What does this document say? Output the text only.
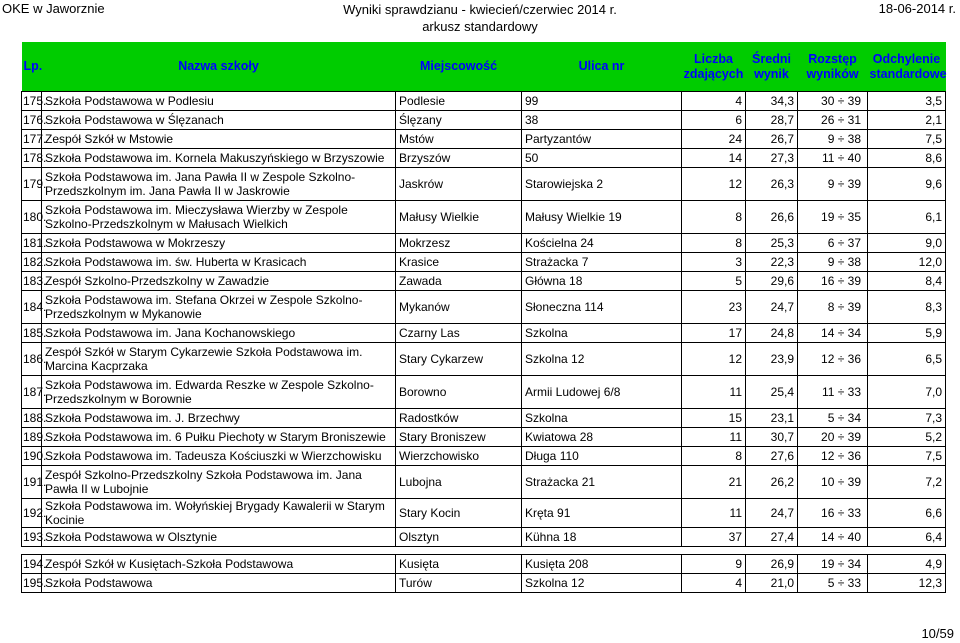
OKE w Jaworznie	Wyniki sprawdzianu - kwiecień/czerwiec 2014 r.
arkusz standardowy
18-06-2014 r.
Lp.	Nazwa szkoły	Miejscowość	Ulica nr	Liczba zdających	Średni wynik	Rozstęp wyników	Odchylenie standardowe
175.	Szkoła Podstawowa w Podlesiu	Podlesie	99	4	34,3	30 ÷ 39	3,5
176.	Szkoła Podstawowa w Ślęzanach	Ślęzany	38	6	28,7	26 ÷ 31	2,1
177.	Zespół Szkół w Mstowie	Mstów	Partyzantów	24	26,7	9 ÷ 38	7,5
178.	Szkoła Podstawowa im. Kornela Makuszyńskiego w Brzyszowie	Brzyszów	50	14	27,3	11 ÷ 40	8,6
179.	Szkoła Podstawowa im. Jana Pawła II w Zespole Szkolno-Przedszkolnym im. Jana Pawła II w Jaskrowie	Jaskrów	Starowiejska 2	12	26,3	9 ÷ 39	9,6
180.	Szkoła Podstawowa im. Mieczysława Wierzby w Zespole Szkolno-Przedszkolnym w Małusach Wielkich	Małusy Wielkie	Małusy Wielkie 19	8	26,6	19 ÷ 35	6,1
181.	Szkoła Podstawowa w Mokrzeszy	Mokrzesz	Kościelna 24	8	25,3	6 ÷ 37	9,0
182.	Szkoła Podstawowa im. św. Huberta w Krasicach	Krasice	Strażacka 7	3	22,3	9 ÷ 38	12,0
183.	Zespół Szkolno-Przedszkolny w Zawadzie	Zawada	Główna 18	5	29,6	16 ÷ 39	8,4
184.	Szkoła Podstawowa im. Stefana Okrzei w Zespole Szkolno-Przedszkolnym w Mykanowie	Mykanów	Słoneczna 114	23	24,7	8 ÷ 39	8,3
185.	Szkoła Podstawowa im. Jana Kochanowskiego	Czarny Las	Szkolna	17	24,8	14 ÷ 34	5,9
186.	Zespół Szkół w Starym Cykarzewie Szkoła Podstawowa im. Marcina Kacprzaka	Stary Cykarzew	Szkolna 12	12	23,9	12 ÷ 36	6,5
187.	Szkoła Podstawowa im. Edwarda Reszke w Zespole Szkolno-Przedszkolnym w Borownie	Borowno	Armii Ludowej 6/8	11	25,4	11 ÷ 33	7,0
188.	Szkoła Podstawowa im. J. Brzechwy	Radostków	Szkolna	15	23,1	5 ÷ 34	7,3
189.	Szkoła Podstawowa im. 6 Pułku Piechoty w Starym Broniszewie	Stary Broniszew	Kwiatowa 28	11	30,7	20 ÷ 39	5,2
190.	Szkoła Podstawowa im. Tadeusza Kościuszki w Wierzchowisku	Wierzchowisko	Długa 110	8	27,6	12 ÷ 36	7,5
191.	Zespół Szkolno-Przedszkolny Szkoła Podstawowa im. Jana Pawła II w Lubojnie	Lubojna	Strażacka 21	21	26,2	10 ÷ 39	7,2
192.	Szkoła Podstawowa im. Wołyńskiej Brygady Kawalerii w Starym Kocinie	Stary Kocin	Kręta 91	11	24,7	16 ÷ 33	6,6
193.	Szkoła Podstawowa w Olsztynie	Olsztyn	Kühna 18	37	27,4	14 ÷ 40	6,4

194.	Zespół Szkół w Kusiętach-Szkoła Podstawowa	Kusięta	Kusięta 208	9	26,9	19 ÷ 34	4,9
195.	Szkoła Podstawowa	Turów	Szkolna 12	4	21,0	5 ÷ 33	12,3
10/59
